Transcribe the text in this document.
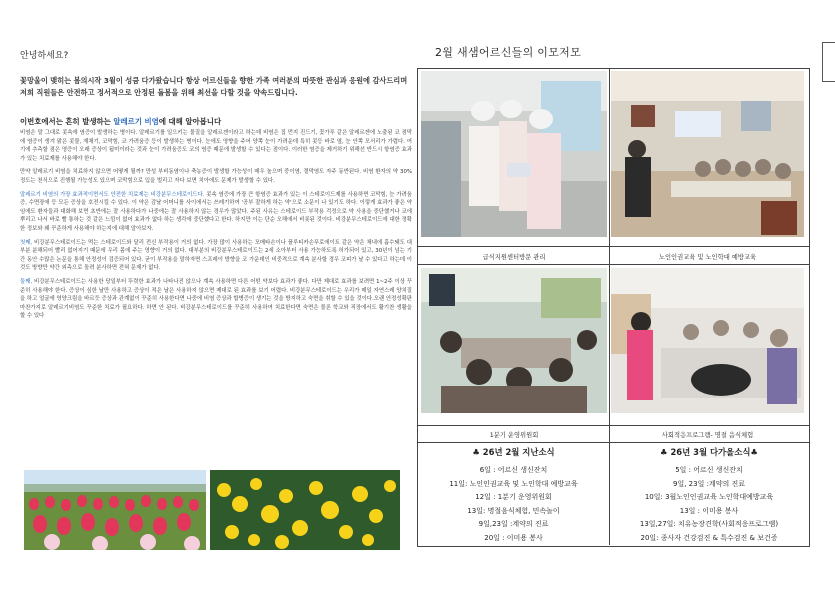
안녕하세요?

꽃망울이 맺히는 봄의시작 3월이 성큼 다가왔습니다 항상 어르신들을 향한 가족 여러분의 따뜻한 관심과 응원에 감사드리며 저희 직원들은 안전하고 정서적으로 안정된 돌봄을 위해 최선을 다할 것을 약속드립니다.

이번호에서는 흔히 발생하는 알레르기 비염에 대해 알아봅니다

비염은 말 그대로 콧속에 염증이 발생하는 병이다. 알레르기를 일으키는 물질을 알레르겐이라고 하는데 비염은 집 먼지 진드기, 꽃가루 같은 알레르겐에 노출된 코 점막에 염증이 생겨 맑은 콧물, 재채기, 코막힘, 코 가려움증 등이 발생하는 병이다. 눈에도 영향을 주어 양쪽 눈이 가려운데 특히 콧등 바로 옆, 눈 안쪽 모서리가 가렵다. 여기에 추측할 점은 영증이 오래 증상이 됩미이라는 것과 눈이 가려움증도 코의 염증 때문에 발생할 수 있다는 점이다. 이러한 염증을 제거하기 위해선 반드시 항염증 효과가 있는 치료제를 사용해야 한다.

만약 알레르기 비염을 치료하지 않으면 어떻게 될까? 만성 부비동염이나 축농증이 발생할 가능성이 매우 높으며 중이염, 결막염도 자주 동반된다. 비염 환자의 약 30% 정도는 천식으로 진행될 가능성도 있으며 코막힘으로 입을 벌리고 자다 보면 치아에도 문제가 발생할 수 있다.

알레르기 비염의 가장 효과적이면서도 안전한 치료제는 비강분무스테로이드다. 콧속 염증에 가장 큰 항염증 효과가 있는 이 스테로이드제를 사용하면 코막힘, 눈 가려움증, 수면장애 등 모든 증상을 호전시킬 수 있다. 이 약은 감날 어머니를 사이에서는 쓰레기하여 '공부 잘하게 하는 약'으로 소문이 나 있기도 하다. 이렇게 효과가 좋은 약임에도 환자들과 대화해 보면 초반에는 잘 사용하다가 나중에는 잘 사용하지 않는 경우가 많았다. 주된 사유는 스테로이드 부작용 걱정으로 약 사용을 중단했거나 코에 뿌리고 나서 바로 빨 통하는 것 같은 느낌이 없어 효과가 없다 하는 생각에 중단했다고 한다. 하지만 이는 단순 오해에서 비롯된 것이다. 비강분무스테로이드에 대한 정확한 정보와 왜 꾸준하게 사용해야 하는지에 대해 알아보자.

첫째, 비강분무스테로이드는 먹는 스테로이드와 달리 전신 부작용이 거의 없다. 가장 많이 사용하는 모메타손이나 플루티카손푸로에이트 같은 약은 체내에 흡수돼도 대부분 분해되어 빨리 없어지기 때문에 우리 몸에 주는 영향이 거의 없다. 대부분의 비강분무스테로이드는 2세 소아부터 사용 가능하도록 허가되어 있고, 30년이 넘는 기간 동안 수많은 논문을 통해 안정성이 검증되어 있다. 굳이 부작용을 말하자면 스프레이 방향을 코 가운데인 비중격으로 계속 분사할 경우 코피가 날 수 있다고 하는데 이것도 방향만 약간 외측으로 돌려 분사하면 전혀 문제가 없다.

둘째, 비강분무스테로이드는 사용한 당일부터 뚜렷한 효과가 나타나진 않으나 계속 사용하면 다른 어떤 약보다 효과가 좋다. 다만 제대로 효과를 보려면 1~2주 이상 꾸준히 사용해야 한다. 증상이 심한 날만 사용하고 증상이 적은 날은 사용하지 않으면 제대로 된 효과를 보기 어렵다. 비강분무스테로이드는 우리가 매일 자연스레 양치질을 하고 얼굴에 영양크림을 바르듯 증상과 관계없이 꾸준히 사용한다면 나중에 비염 증상과 합병증이 생기는 것을 방지하고 숙면을 취할 수 있을 것이다.오랜 안정성확판 마찬가지로 알레르기비염도 꾸준한 치료가 필요하다. 하면 안 된다. 비강분무스테로이드를 꾸준히 사용하여 치료한다면 숙면은 물론 학교와 직장에서도 활기찬 생활을 할 수 있다

2월 새샘어르신들의 이모저모

급식지원센터방문 관리	노인인권교육 및 노인학대 예방교육
1분기 운영위원회	사회적응프로그램- 명절 음식체험
♣ 26년 2월 지난소식
6일 : 어르신 생신잔치
11일: 노인인권교육 및 노인학대 예방교육
12일 : 1분기 운영위원회
13일: 명절음식체험, 민속놀이
9일,23일 :계약의 진료
20일 : 이미용 봉사
♣ 26년 3월 다가올소식♣
5일 : 어르신 생신잔치
9일, 23일 :계약의 진료
10일: 3월노인인권교육 노인학대예방교육
13일 : 이미용 봉사
13일,27일: 치유농장견학(사회적응프로그램)
20일: 종사자 건강검진 & 특수검진 & 보건증
